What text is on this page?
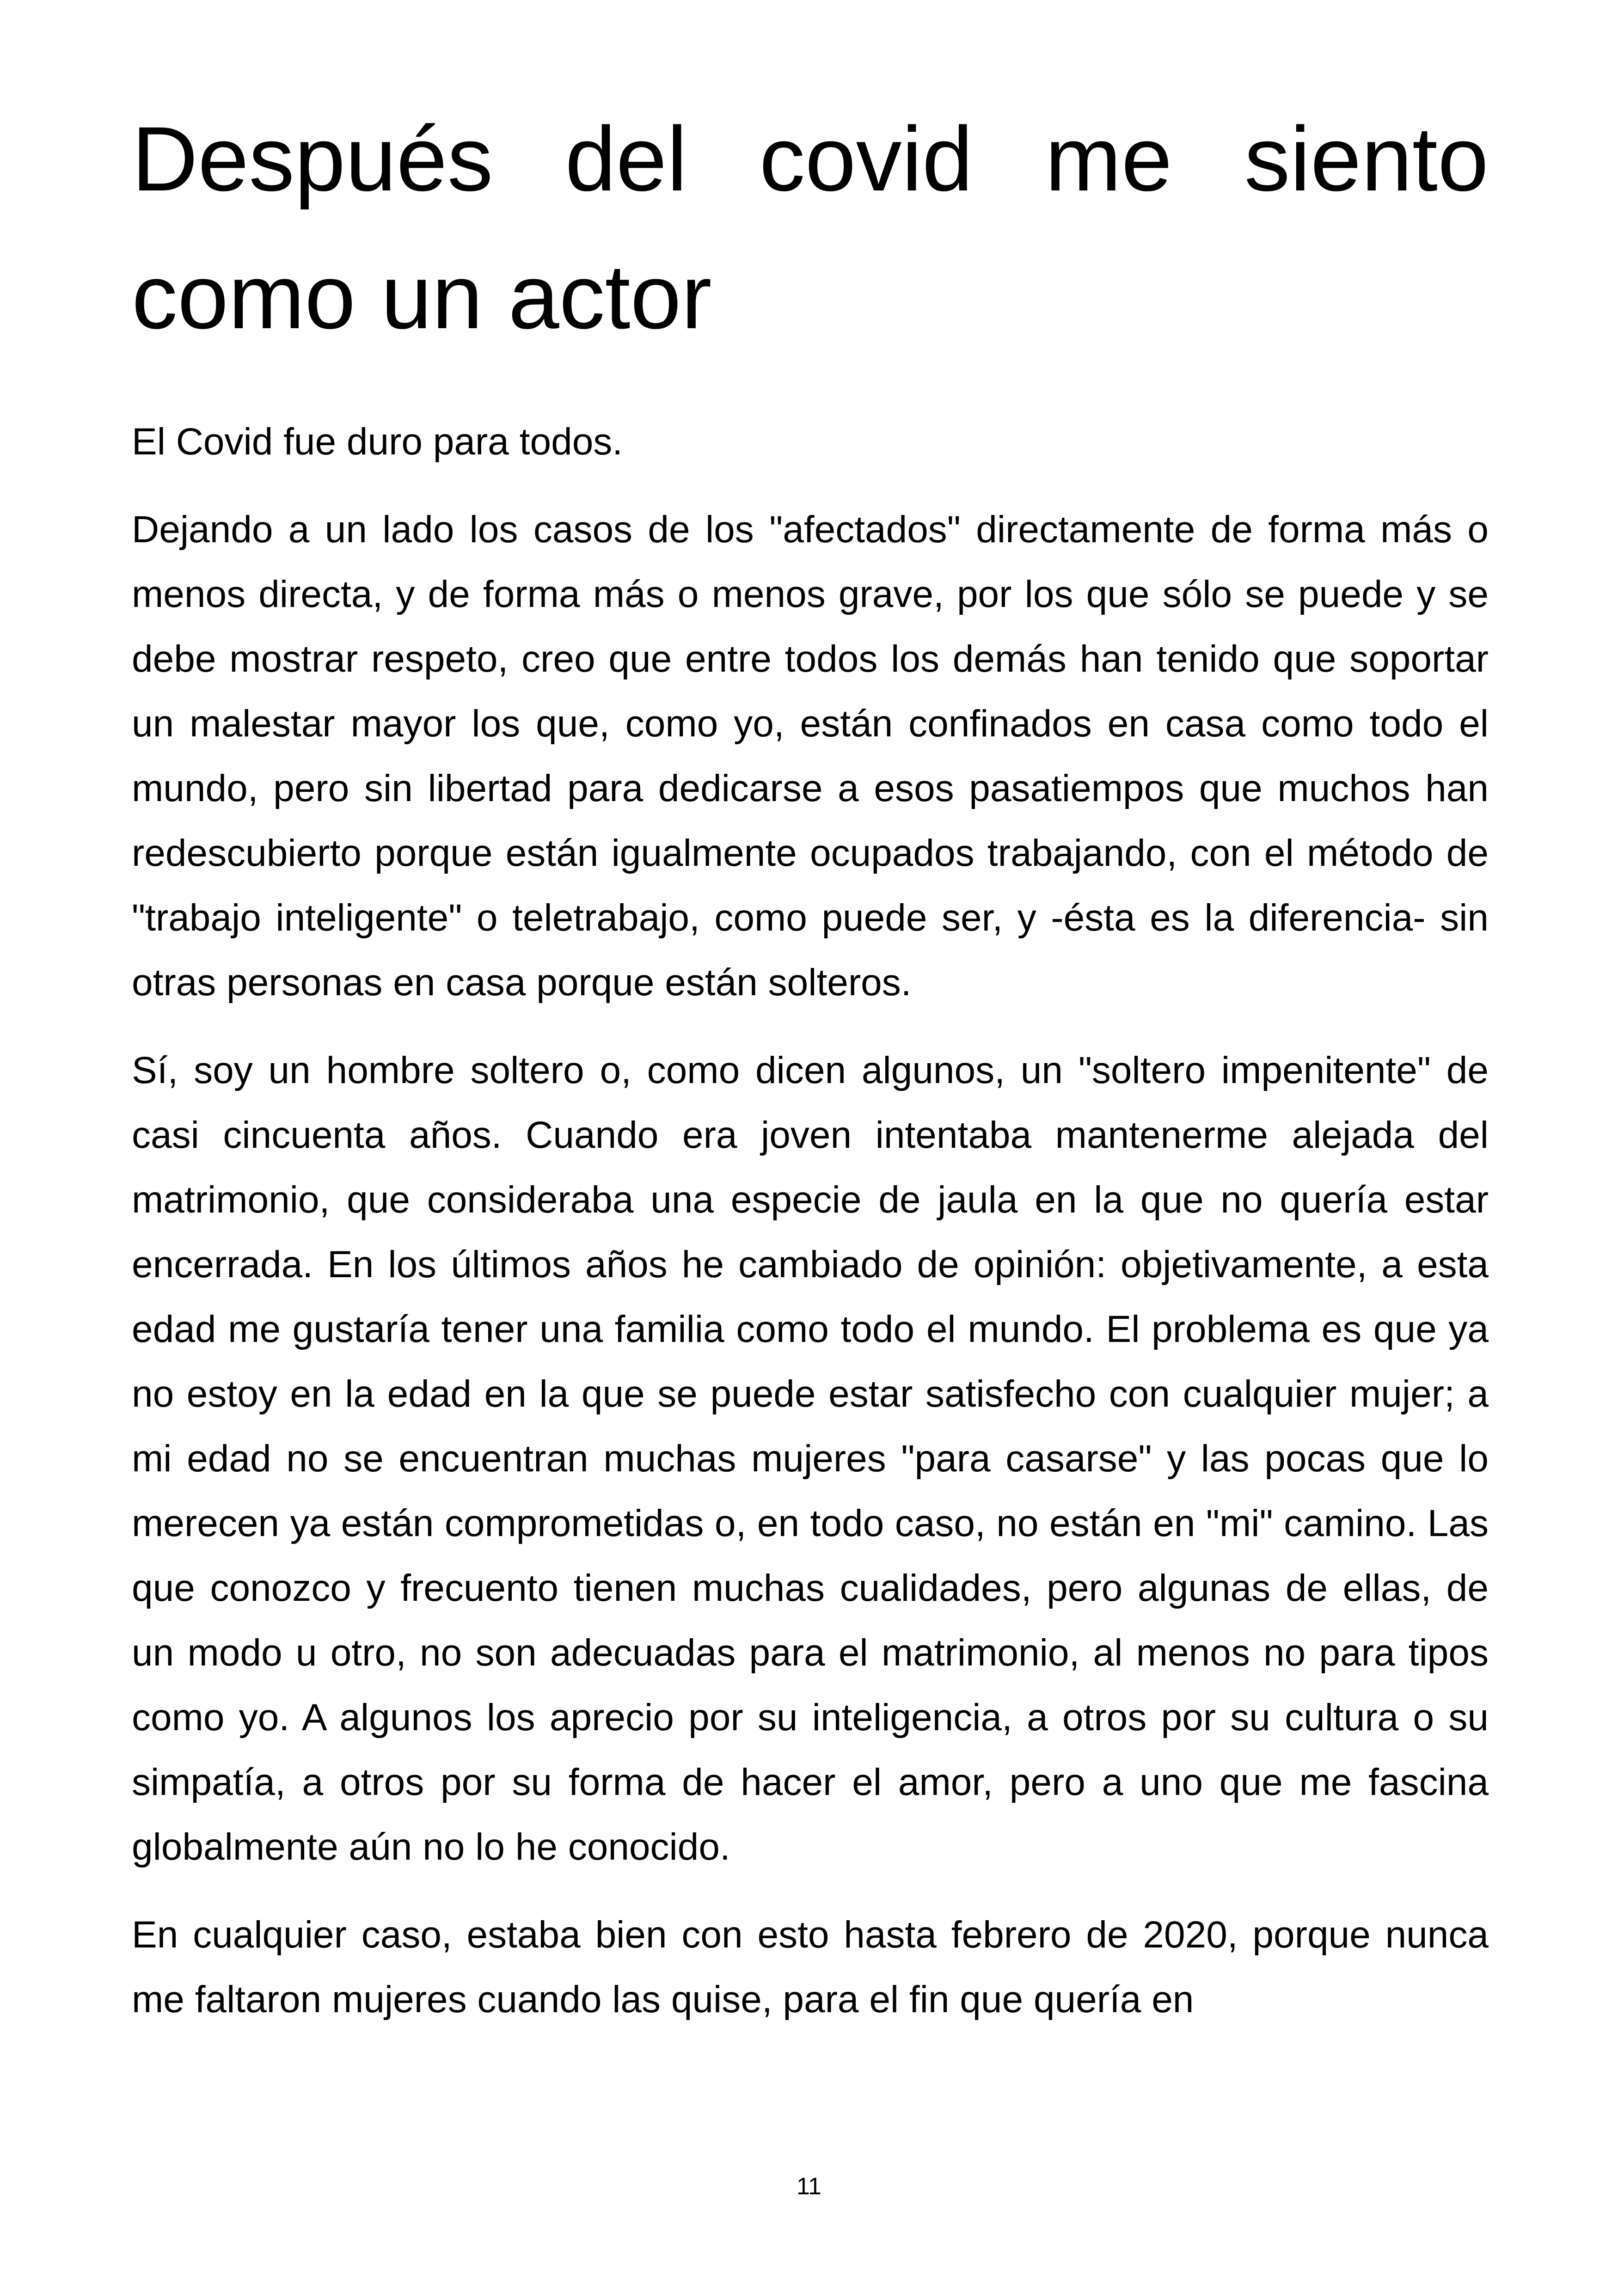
Después del covid me siento
como un actor

El Covid fue duro para todos.

Dejando a un lado los casos de los "afectados" directamente de forma más o menos directa, y de forma más o menos grave, por los que sólo se puede y se debe mostrar respeto, creo que entre todos los demás han tenido que soportar un malestar mayor los que, como yo, están confinados en casa como todo el mundo, pero sin libertad para dedicarse a esos pasatiempos que muchos han redescubierto porque están igualmente ocupados trabajando, con el método de "trabajo inteligente" o teletrabajo, como puede ser, y -ésta es la diferencia- sin otras personas en casa porque están solteros.

Sí, soy un hombre soltero o, como dicen algunos, un "soltero impenitente" de casi cincuenta años. Cuando era joven intentaba mantenerme alejada del matrimonio, que consideraba una especie de jaula en la que no quería estar encerrada. En los últimos años he cambiado de opinión: objetivamente, a esta edad me gustaría tener una familia como todo el mundo. El problema es que ya no estoy en la edad en la que se puede estar satisfecho con cualquier mujer; a mi edad no se encuentran muchas mujeres "para casarse" y las pocas que lo merecen ya están comprometidas o, en todo caso, no están en "mi" camino. Las que conozco y frecuento tienen muchas cualidades, pero algunas de ellas, de un modo u otro, no son adecuadas para el matrimonio, al menos no para tipos como yo. A algunos los aprecio por su inteligencia, a otros por su cultura o su simpatía, a otros por su forma de hacer el amor, pero a uno que me fascina globalmente aún no lo he conocido.

En cualquier caso, estaba bien con esto hasta febrero de 2020, porque nunca me faltaron mujeres cuando las quise, para el fin que quería en

11
